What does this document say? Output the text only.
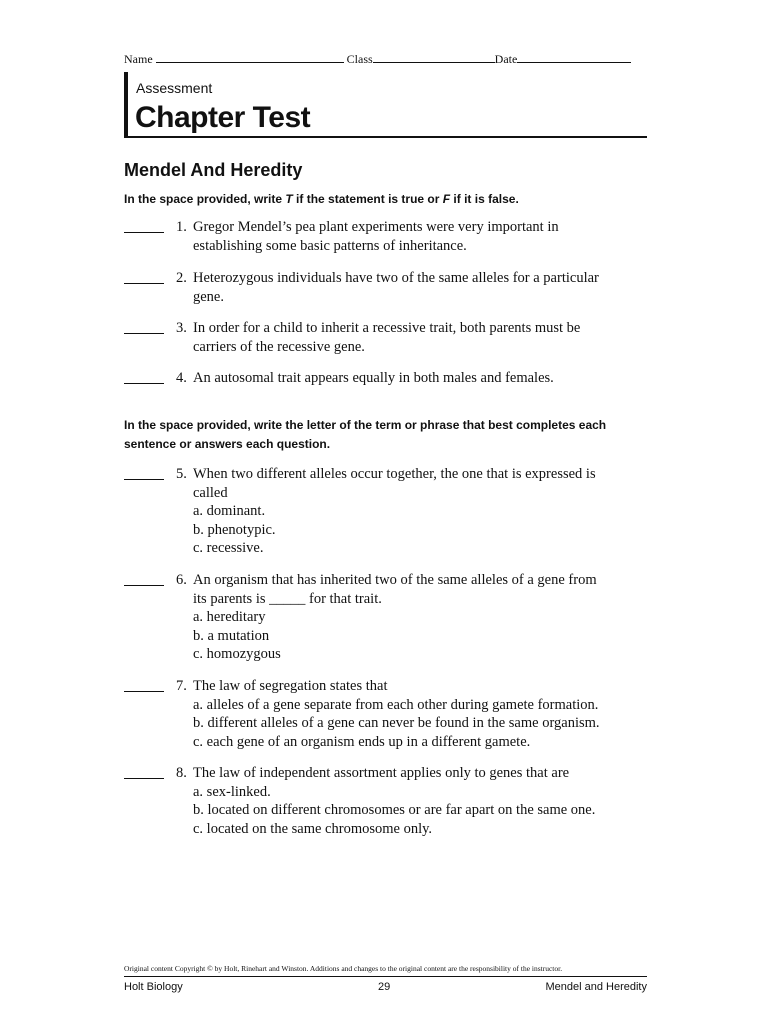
Name	Class	Date
Assessment
Chapter Test
Mendel And Heredity
In the space provided, write T if the statement is true or F if it is false.
In the space provided, write the letter of the term or phrase that best completes each sentence or answers each question.
1. Gregor Mendel’s pea plant experiments were very important in
establishing some basic patterns of inheritance.
2. Heterozygous individuals have two of the same alleles for a particular
gene.
3. In order for a child to inherit a recessive trait, both parents must be
carriers of the recessive gene.
4. An autosomal trait appears equally in both males and females.
5. When two different alleles occur together, the one that is expressed is
called
a. dominant.
b. phenotypic.
c. recessive.
6. An organism that has inherited two of the same alleles of a gene from
its parents is _____ for that trait.
a. hereditary
b. a mutation
c. homozygous
7. The law of segregation states that
a. alleles of a gene separate from each other during gamete formation.
b. different alleles of a gene can never be found in the same organism.
c. each gene of an organism ends up in a different gamete.
8. The law of independent assortment applies only to genes that are
a. sex-linked.
b. located on different chromosomes or are far apart on the same one.
c. located on the same chromosome only.
Original content Copyright © by Holt, Rinehart and Winston. Additions and changes to the original content are the responsibility of the instructor.
Holt Biology	29	Mendel and Heredity
